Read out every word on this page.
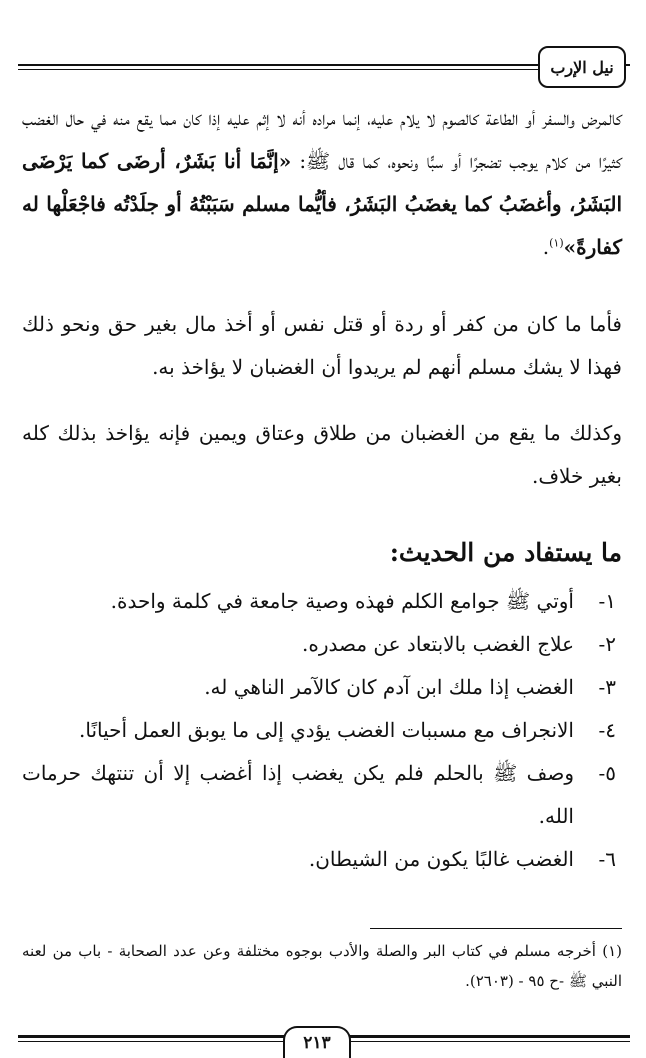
نيل الإرب

كالمرض والسفر أو الطاعة كالصوم لا يلام عليه، إنما مراده أنه لا إثم عليه إذا كان مما يقع منه في حال الغضب كثيرًا من كلام يوجب تضجرًا أو سبًّا ونحوه، كما قال ﷺ: «إنَّمَا أنا بَشَرٌ، أرضَى كما يَرْضَى البَشَرُ، وأغضَبُ كما يغضَبُ البَشَرُ، فأيُّما مسلم سَبَبْتُهُ أو جلَدْتُه فاجْعَلْها له كفارةً»$^{(١)}$.

فأما ما كان من كفر أو ردة أو قتل نفس أو أخذ مال بغير حق ونحو ذلك فهذا لا يشك مسلم أنهم لم يريدوا أن الغضبان لا يؤاخذ به.

وكذلك ما يقع من الغضبان من طلاق وعتاق ويمين فإنه يؤاخذ بذلك كله بغير خلاف.

ما يستفاد من الحديث:
١-
أوتي ﷺ جوامع الكلم فهذه وصية جامعة في كلمة واحدة.
٢-
علاج الغضب بالابتعاد عن مصدره.
٣-
الغضب إذا ملك ابن آدم كان كالآمر الناهي له.
٤-
الانجراف مع مسببات الغضب يؤدي إلى ما يوبق العمل أحيانًا.
٥-
وصف ﷺ بالحلم فلم يكن يغضب إذا أغضب إلا أن تنتهك حرمات الله.
٦-
الغضب غالبًا يكون من الشيطان.
(١) أخرجه مسلم في كتاب البر والصلة والأدب بوجوه مختلفة وعن عدد الصحابة - باب من لعنه النبي ﷺ -ح ٩٥ - (٢٦٠٣).
٢١٣
